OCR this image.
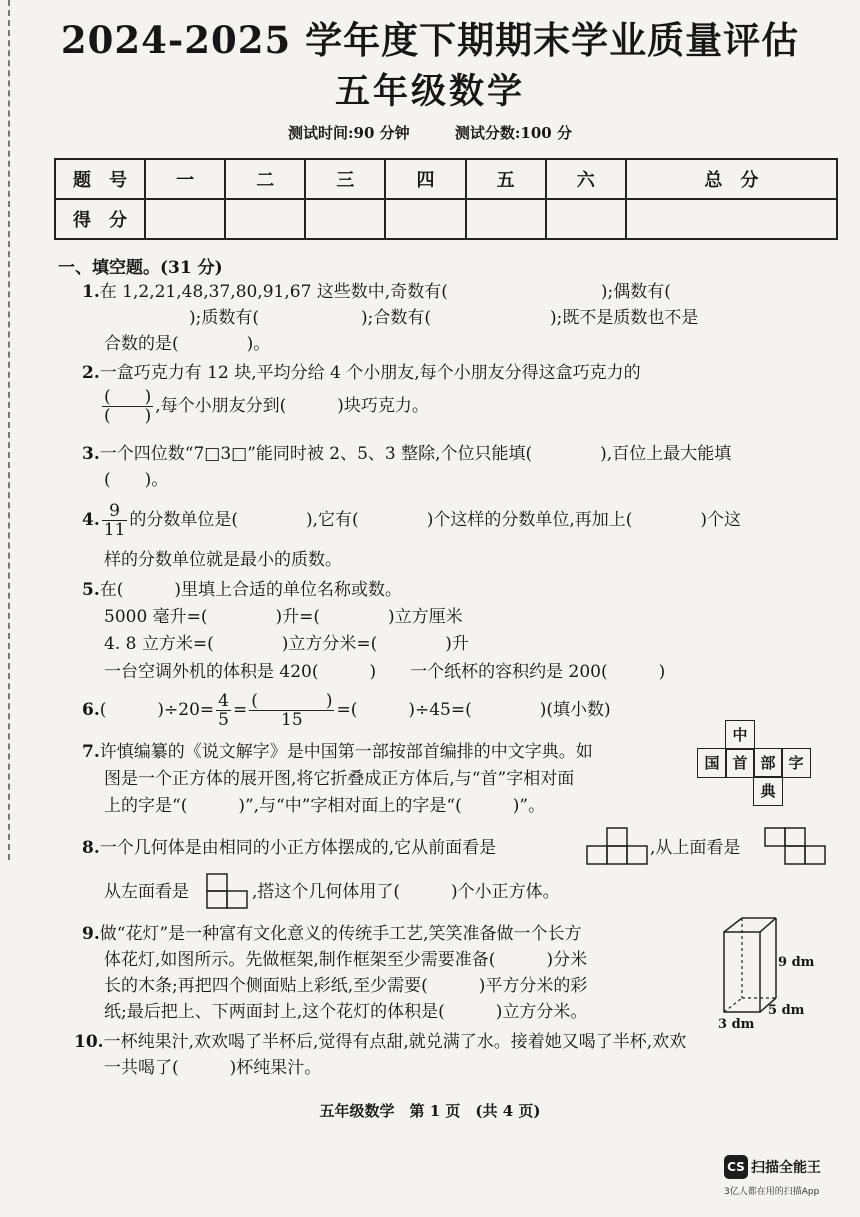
2024-2025 学年度下期期末学业质量评估
五年级数学
测试时间:90 分钟	测试分数:100 分
题　号	一	二	三	四	五	六	总　分
得　分							
一、填空题。(31 分)
1.在 1,2,21,48,37,80,91,67 这些数中,奇数有(　　　　　　　　　);偶数有(
　　　　　);质数有(　　　　　　);合数有(　　　　　　　);既不是质数也不是
合数的是(　　　　)。
2.一盒巧克力有 12 块,平均分给 4 个小朋友,每个小朋友分得这盒巧克力的
$\frac{( )}{( )}$ ,每个小朋友分到(　　　)块巧克力。
3.一个四位数“7□3□”能同时被 2、5、3 整除,个位只能填(　　　　),百位上最大能填
(　　)。
4. $\frac{9}{11}$ 的分数单位是(　　　　),它有(　　　　)个这样的分数单位,再加上(　　　　)个这
样的分数单位就是最小的质数。
5.在(　　　)里填上合适的单位名称或数。
5000 毫升=(　　　　)升=(　　　　)立方厘米
4. 8 立方米=(　　　　)立方分米=(　　　　)升
一台空调外机的体积是 420(　　　)　　一个纸杯的容积约是 200(　　　)
6.(　　　)$\div 20= \frac{4}{5} = \frac{( )}{15}$ =(　　　)÷45=(　　　　)(填小数)
7.许慎编纂的《说文解字》是中国第一部按部首编排的中文字典。如
图是一个正方体的展开图,将它折叠成正方体后,与“首”字相对面
上的字是“(　　　)”,与“中”字相对面上的字是“(　　　)”。
中
国 首 部 字
典
8.一个几何体是由相同的小正方体摆成的,它从前面看是	,从上面看是
从左面看是	,搭这个几何体用了(　　　)个小正方体。
9.做“花灯”是一种富有文化意义的传统手工艺,笑笑准备做一个长方
体花灯,如图所示。先做框架,制作框架至少需要准备(　　　)分米
长的木条;再把四个侧面贴上彩纸,至少需要(　　　)平方分米的彩
纸;最后把上、下两面封上,这个花灯的体积是(　　　)立方分米。
9 dm
5 dm
3 dm
10.一杯纯果汁,欢欢喝了半杯后,觉得有点甜,就兑满了水。接着她又喝了半杯,欢欢
一共喝了(　　　)杯纯果汁。
五年级数学　第 1 页　(共 4 页)
CS 扫描全能王
3亿人都在用的扫描App
